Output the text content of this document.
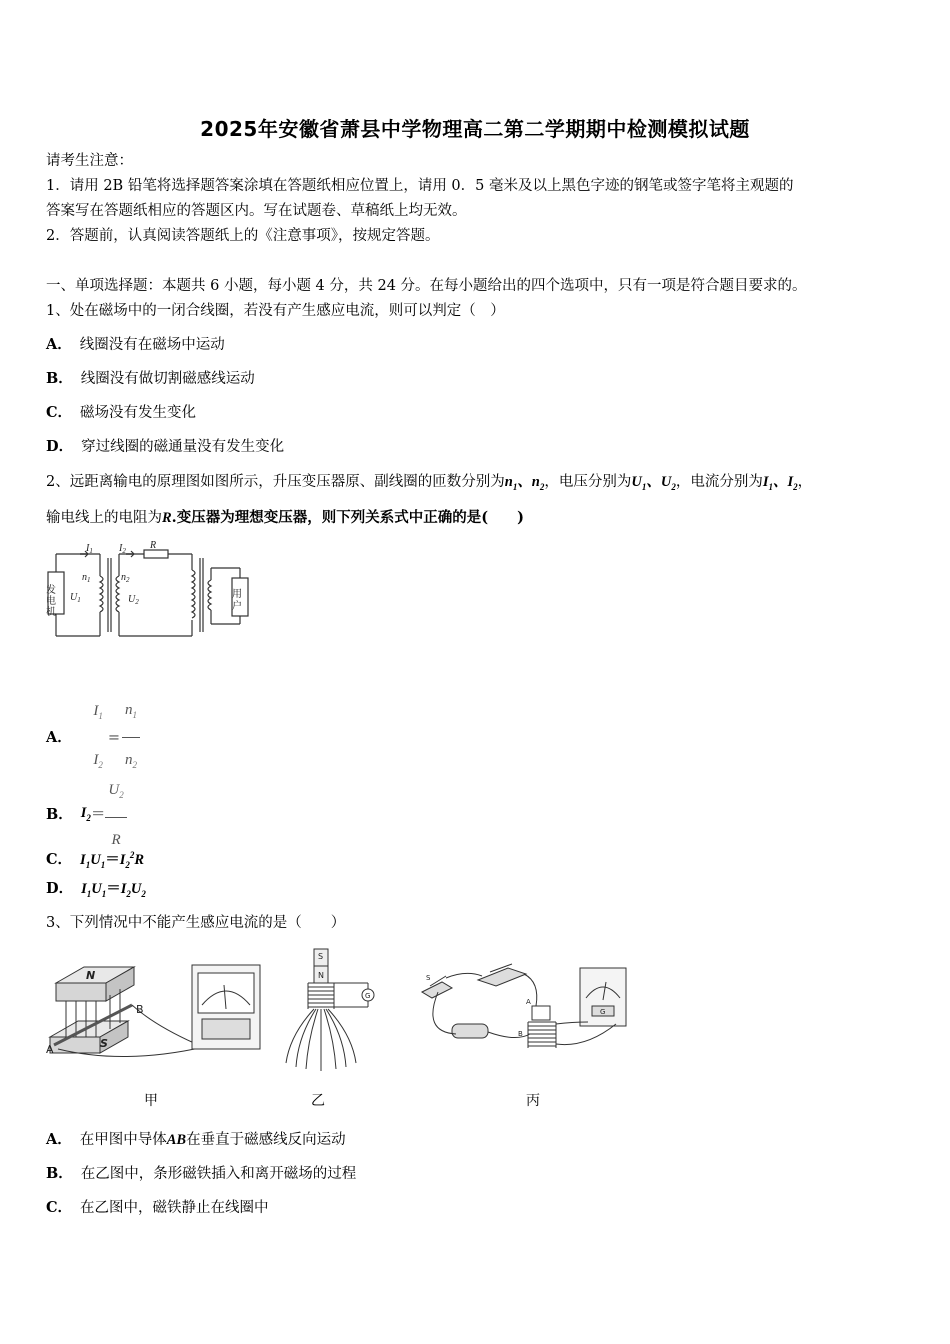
2025年安徽省萧县中学物理高二第二学期期中检测模拟试题
请考生注意：
1．请用 2B 铅笔将选择题答案涂填在答题纸相应位置上，请用 0．5 毫米及以上黑色字迹的钢笔或签字笔将主观题的
答案写在答题纸相应的答题区内。写在试题卷、草稿纸上均无效。
2．答题前，认真阅读答题纸上的《注意事项》，按规定答题。
一、单项选择题：本题共 6 小题，每小题 4 分，共 24 分。在每小题给出的四个选项中，只有一项是符合题目要求的。
1、处在磁场中的一闭合线圈，若没有产生感应电流，则可以判定（　）
A． 线圈没有在磁场中运动
B． 线圈没有做切割磁感线运动
C． 磁场没有发生变化
D． 穿过线圈的磁通量没有发生变化
2、远距离输电的原理图如图所示，升压变压器原、副线圈的匝数分别为$n_1$、$n_2$，电压分别为$U_1$、$U_2$，电流分别为$I_1$、$I_2$，
输电线上的电阻为R.变压器为理想变压器，则下列关系式中正确的是(　　)
发电机	用户
$I_1$	$I_2$ R
$n_1$	$n_2$
$U_1$	$U_2$
A．
$I_1$
$I_2$
= $\frac{n_1}{n_2}$
B． $I_2= \frac{U_2}{R}$
C． $I_1U_1=I_2^2R$
D． $I_1U_1=I_2U_2$
3、下列情况中不能产生感应电流的是（　　）
N
S
A
B
S
N
G
S
A
B
G
甲	乙	丙
A． 在甲图中导体AB在垂直于磁感线反向运动
B． 在乙图中，条形磁铁插入和离开磁场的过程
C． 在乙图中，磁铁静止在线圈中
